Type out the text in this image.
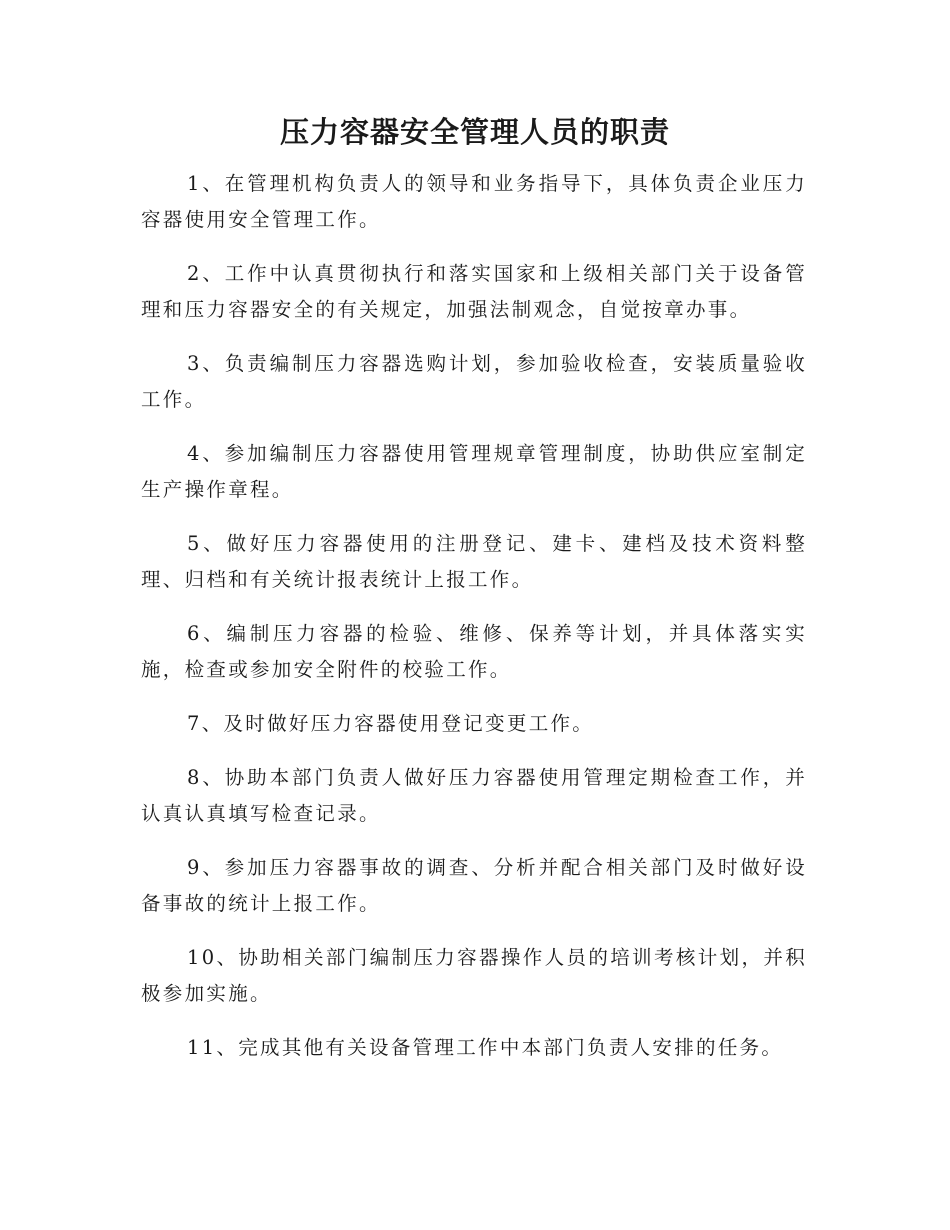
压力容器安全管理人员的职责

1、在管理机构负责人的领导和业务指导下，具体负责企业压力容器使用安全管理工作。

2、工作中认真贯彻执行和落实国家和上级相关部门关于设备管理和压力容器安全的有关规定，加强法制观念，自觉按章办事。

3、负责编制压力容器选购计划，参加验收检查，安装质量验收工作。

4、参加编制压力容器使用管理规章管理制度，协助供应室制定生产操作章程。

5、做好压力容器使用的注册登记、建卡、建档及技术资料整理、归档和有关统计报表统计上报工作。

6、编制压力容器的检验、维修、保养等计划，并具体落实实施，检查或参加安全附件的校验工作。

7、及时做好压力容器使用登记变更工作。

8、协助本部门负责人做好压力容器使用管理定期检查工作，并认真认真填写检查记录。

9、参加压力容器事故的调查、分析并配合相关部门及时做好设备事故的统计上报工作。

10、协助相关部门编制压力容器操作人员的培训考核计划，并积极参加实施。

11、完成其他有关设备管理工作中本部门负责人安排的任务。
